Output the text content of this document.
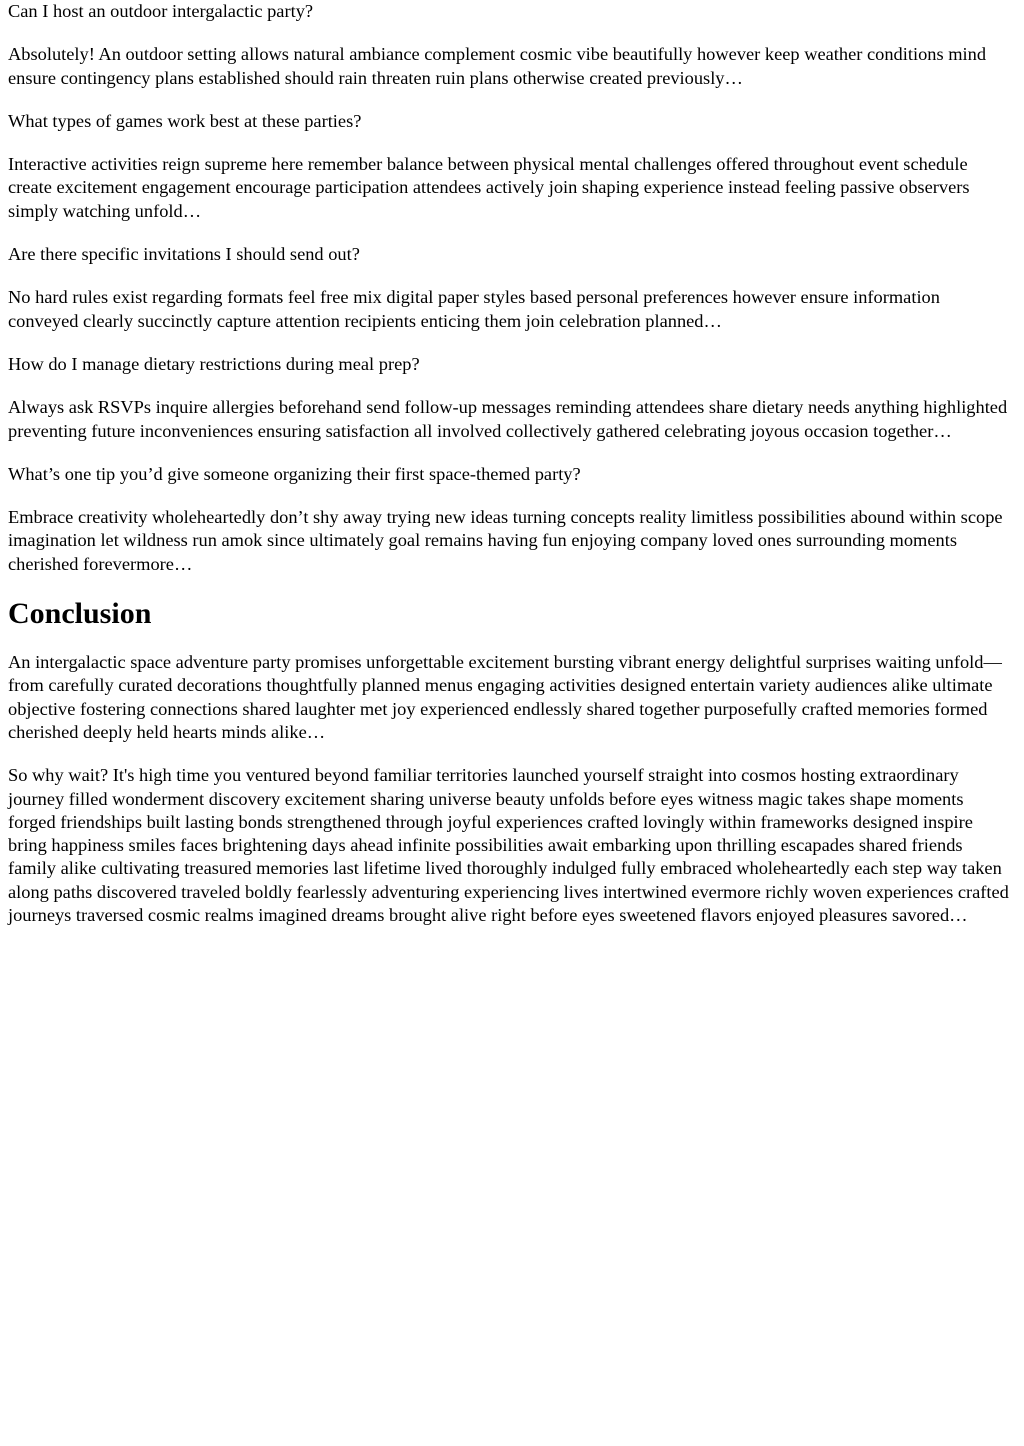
Can I host an outdoor intergalactic party?

Absolutely! An outdoor setting allows natural ambiance complement cosmic vibe beautifully however keep weather conditions mind ensure contingency plans established should rain threaten ruin plans otherwise created previously…

What types of games work best at these parties?

Interactive activities reign supreme here remember balance between physical mental challenges offered throughout event schedule create excitement engagement encourage participation attendees actively join shaping experience instead feeling passive observers simply watching unfold…

Are there specific invitations I should send out?

No hard rules exist regarding formats feel free mix digital paper styles based personal preferences however ensure information conveyed clearly succinctly capture attention recipients enticing them join celebration planned…

How do I manage dietary restrictions during meal prep?

Always ask RSVPs inquire allergies beforehand send follow-up messages reminding attendees share dietary needs anything highlighted preventing future inconveniences ensuring satisfaction all involved collectively gathered celebrating joyous occasion together…

What’s one tip you’d give someone organizing their first space-themed party?

Embrace creativity wholeheartedly don’t shy away trying new ideas turning concepts reality limitless possibilities abound within scope imagination let wildness run amok since ultimately goal remains having fun enjoying company loved ones surrounding moments cherished forevermore…

Conclusion

An intergalactic space adventure party promises unforgettable excitement bursting vibrant energy delightful surprises waiting unfold—from carefully curated decorations thoughtfully planned menus engaging activities designed entertain variety audiences alike ultimate objective fostering connections shared laughter met joy experienced endlessly shared together purposefully crafted memories formed cherished deeply held hearts minds alike…

So why wait? It's high time you ventured beyond familiar territories launched yourself straight into cosmos hosting extraordinary journey filled wonderment discovery excitement sharing universe beauty unfolds before eyes witness magic takes shape moments forged friendships built lasting bonds strengthened through joyful experiences crafted lovingly within frameworks designed inspire bring happiness smiles faces brightening days ahead infinite possibilities await embarking upon thrilling escapades shared friends family alike cultivating treasured memories last lifetime lived thoroughly indulged fully embraced wholeheartedly each step way taken along paths discovered traveled boldly fearlessly adventuring experiencing lives intertwined evermore richly woven experiences crafted journeys traversed cosmic realms imagined dreams brought alive right before eyes sweetened flavors enjoyed pleasures savored…
